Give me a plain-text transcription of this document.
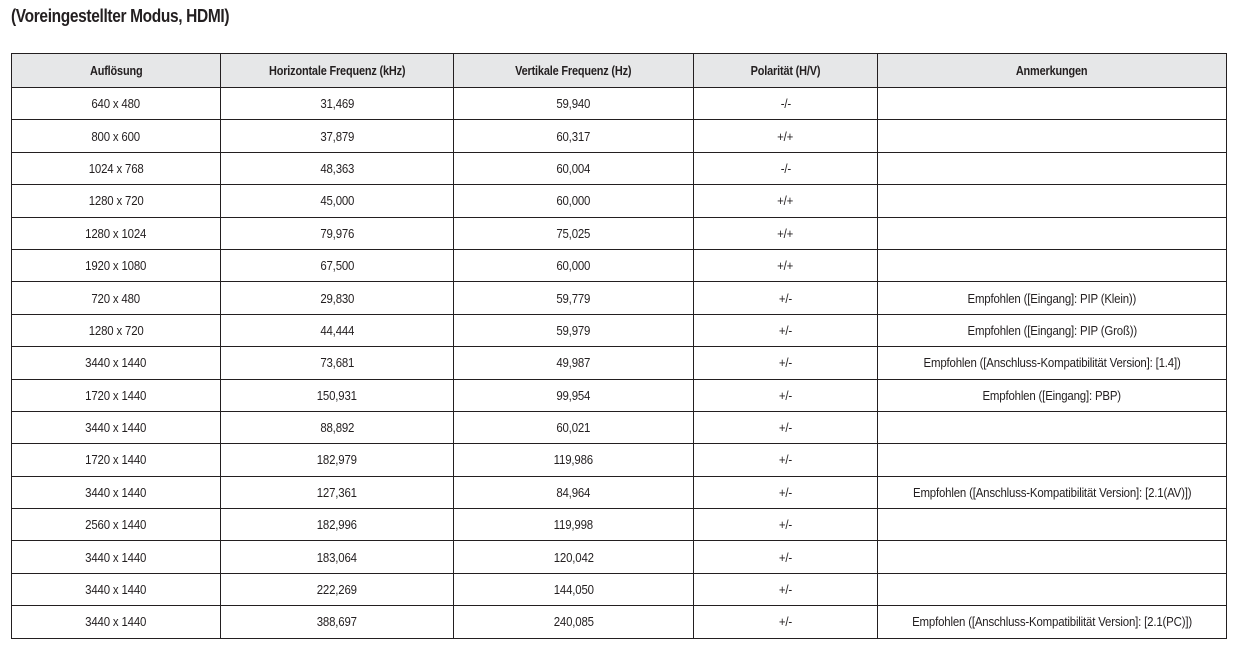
(Voreingestellter Modus, HDMI)
Auflösung	Horizontale Frequenz (kHz)	Vertikale Frequenz (Hz)	Polarität (H/V)	Anmerkungen
640 x 480	31,469	59,940	-/-	
800 x 600	37,879	60,317	+/+	
1024 x 768	48,363	60,004	-/-	
1280 x 720	45,000	60,000	+/+	
1280 x 1024	79,976	75,025	+/+	
1920 x 1080	67,500	60,000	+/+	
720 x 480	29,830	59,779	+/-	Empfohlen ([Eingang]: PIP (Klein))
1280 x 720	44,444	59,979	+/-	Empfohlen ([Eingang]: PIP (Groß))
3440 x 1440	73,681	49,987	+/-	Empfohlen ([Anschluss-Kompatibilität Version]: [1.4])
1720 x 1440	150,931	99,954	+/-	Empfohlen ([Eingang]: PBP)
3440 x 1440	88,892	60,021	+/-	
1720 x 1440	182,979	119,986	+/-	
3440 x 1440	127,361	84,964	+/-	Empfohlen ([Anschluss-Kompatibilität Version]: [2.1(AV)])
2560 x 1440	182,996	119,998	+/-	
3440 x 1440	183,064	120,042	+/-	
3440 x 1440	222,269	144,050	+/-	
3440 x 1440	388,697	240,085	+/-	Empfohlen ([Anschluss-Kompatibilität Version]: [2.1(PC)])
